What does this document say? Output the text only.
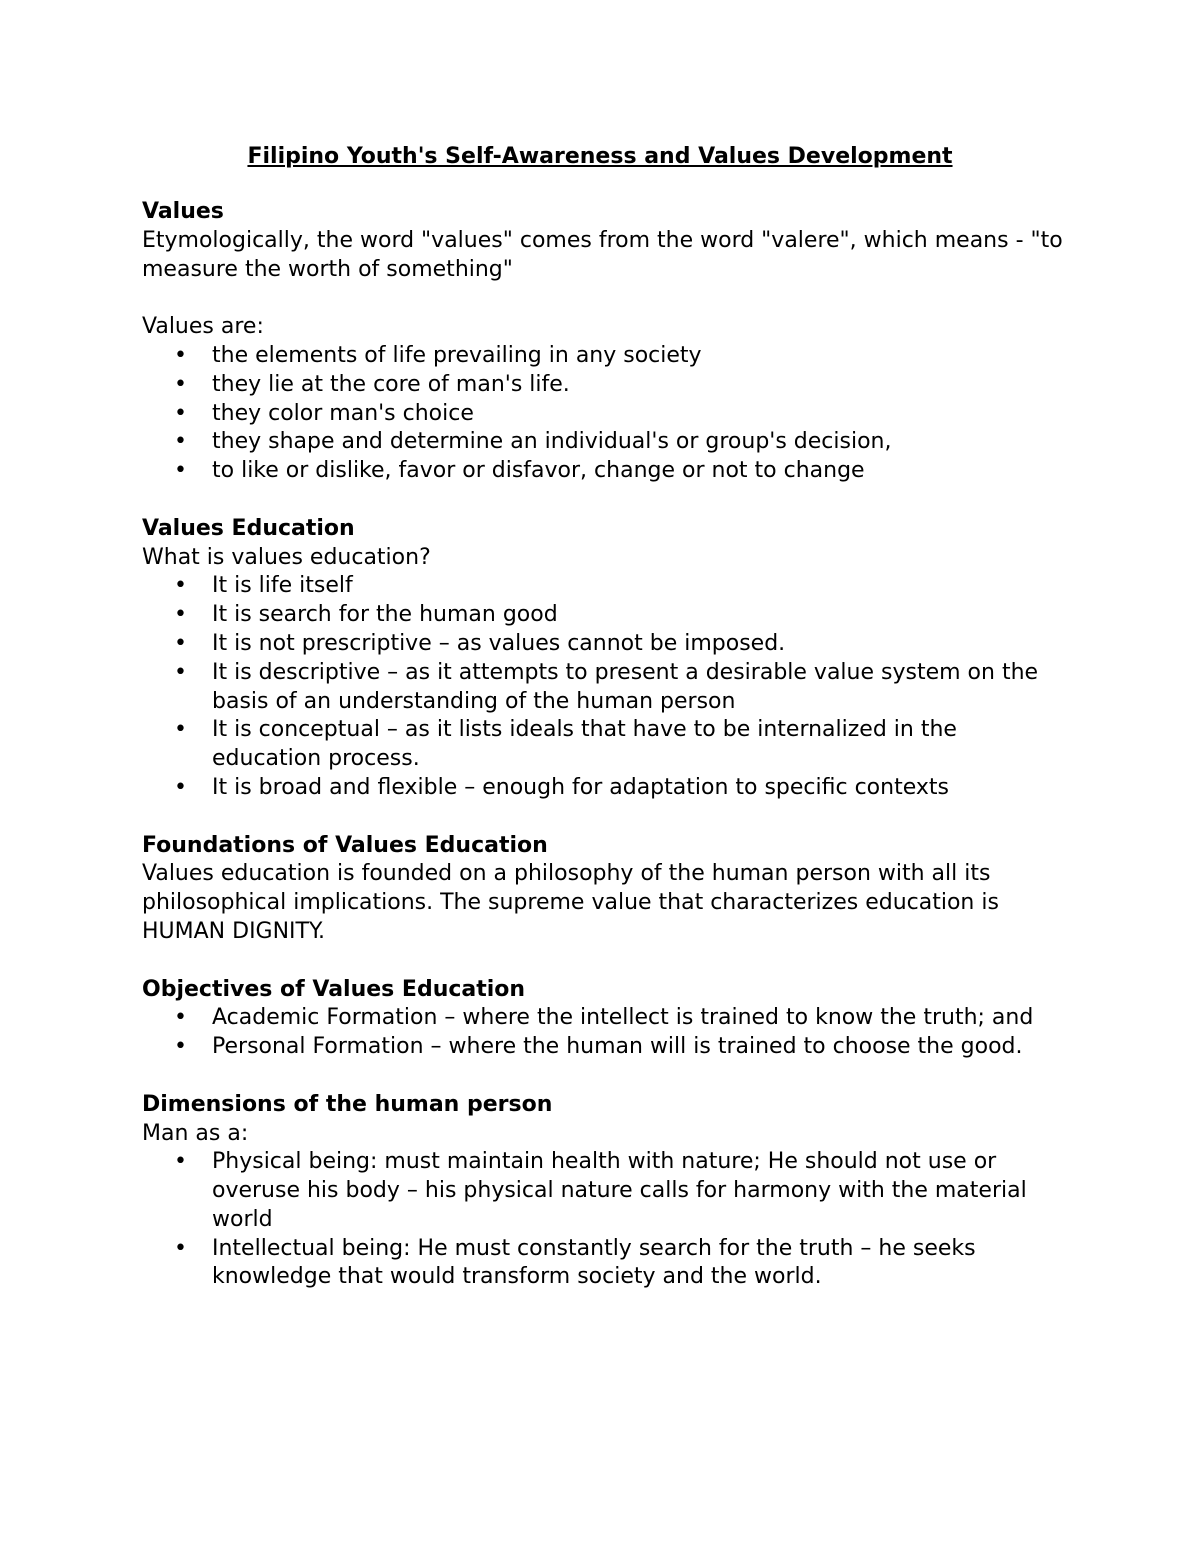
Filipino Youth's Self-Awareness and Values Development

Values

Etymologically, the word "values" comes from the word "valere", which means - "to measure the worth of something"

Values are:

•	the elements of life prevailing in any society
•	they lie at the core of man's life.
•	they color man's choice
•	they shape and determine an individual's or group's decision,
•	to like or dislike, favor or disfavor, change or not to change

Values Education

What is values education?

•	It is life itself
•	It is search for the human good
•	It is not prescriptive – as values cannot be imposed.
•	It is descriptive – as it attempts to present a desirable value system on the basis of an understanding of the human person
•	It is conceptual – as it lists ideals that have to be internalized in the education process.
•	It is broad and flexible – enough for adaptation to specific contexts

Foundations of Values Education

Values education is founded on a philosophy of the human person with all its philosophical implications. The supreme value that characterizes education is HUMAN DIGNITY.

Objectives of Values Education

•	Academic Formation – where the intellect is trained to know the truth; and
•	Personal Formation – where the human will is trained to choose the good.

Dimensions of the human person

Man as a:

•	Physical being: must maintain health with nature; He should not use or overuse his body – his physical nature calls for harmony with the material world
•	Intellectual being: He must constantly search for the truth – he seeks knowledge that would transform society and the world.
